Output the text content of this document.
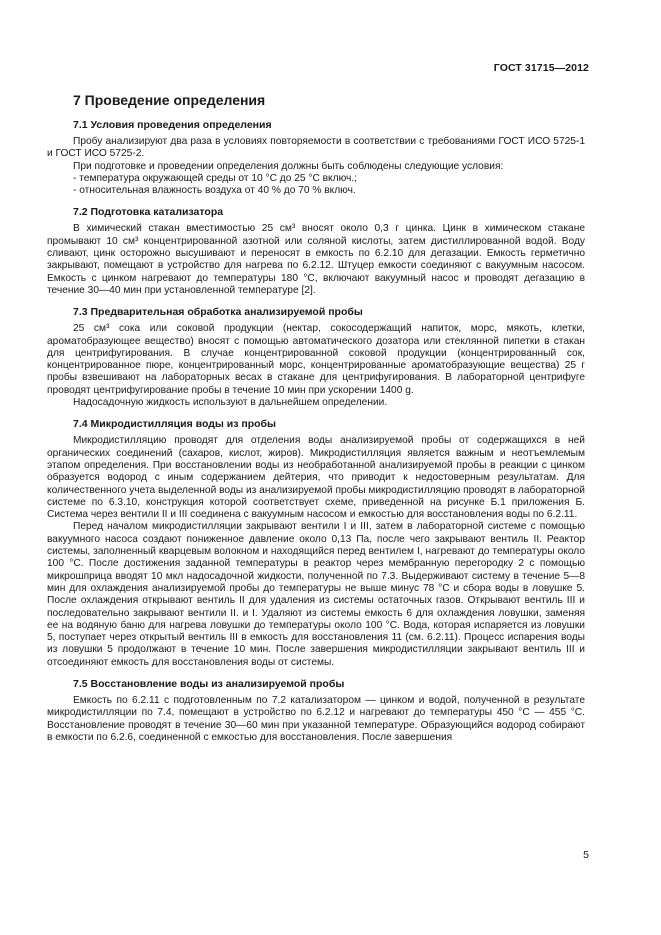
ГОСТ 31715—2012
7 Проведение определения
7.1 Условия проведения определения

Пробу анализируют два раза в условиях повторяемости в соответствии с требованиями ГОСТ ИСО 5725-1 и ГОСТ ИСО 5725-2.

При подготовке и проведении определения должны быть соблюдены следующие условия:

- температура окружающей среды от 10 °С до 25 °С включ.;

- относительная влажность воздуха от 40 % до 70 % включ.

7.2 Подготовка катализатора

В химический стакан вместимостью 25 см³ вносят около 0,3 г цинка. Цинк в химическом стакане промывают 10 см³ концентрированной азотной или соляной кислоты, затем дистиллированной водой. Воду сливают, цинк осторожно высушивают и переносят в емкость по 6.2.10 для дегазации. Емкость герметично закрывают, помещают в устройство для нагрева по 6.2.12. Штуцер емкости соединяют с вакуумным насосом. Емкость с цинком нагревают до температуры 180 °С, включают вакуумный насос и проводят дегазацию в течение 30—40 мин при установленной температуре [2].

7.3 Предварительная обработка анализируемой пробы

25 см³ сока или соковой продукции (нектар, сокосодержащий напиток, морс, мякоть, клетки, ароматобразующее вещество) вносят с помощью автоматического дозатора или стеклянной пипетки в стакан для центрифугирования. В случае концентрированной соковой продукции (концентрированный сок, концентрированное пюре, концентрированный морс, концентрированные ароматобразующие вещества) 25 г пробы взвешивают на лабораторных весах в стакане для центрифугирования. В лабораторной центрифуге проводят центрифугирование пробы в течение 10 мин при ускорении 1400 g.

Надосадочную жидкость используют в дальнейшем определении.

7.4 Микродистилляция воды из пробы

Микродистилляцию проводят для отделения воды анализируемой пробы от содержащихся в ней органических соединений (сахаров, кислот, жиров). Микродистилляция является важным и неотъемлемым этапом определения. При восстановлении воды из необработанной анализируемой пробы в реакции с цинком образуется водород с иным содержанием дейтерия, что приводит к недостоверным результатам. Для количественного учета выделенной воды из анализируемой пробы микродистилляцию проводят в лабораторной системе по 6.3.10, конструкция которой соответствует схеме, приведенной на рисунке Б.1 приложения Б. Система через вентили II и III соединена с вакуумным насосом и емкостью для восстановления воды по 6.2.11.

Перед началом микродистилляции закрывают вентили I и III, затем в лабораторной системе с помощью вакуумного насоса создают пониженное давление около 0,13 Па, после чего закрывают вентиль II. Реактор системы, заполненный кварцевым волокном и находящийся перед вентилем I, нагревают до температуры около 100 °С. После достижения заданной температуры в реактор через мембранную перегородку 2 с помощью микрошприца вводят 10 мкл надосадочной жидкости, полученной по 7.3. Выдерживают систему в течение 5—8 мин для охлаждения анализируемой пробы до температуры не выше минус 78 °С и сбора воды в ловушке 5. После охлаждения открывают вентиль II для удаления из системы остаточных газов. Открывают вентиль III и последовательно закрывают вентили II. и I. Удаляют из системы емкость 6 для охлаждения ловушки, заменяя ее на водяную баню для нагрева ловушки до температуры около 100 °С. Вода, которая испаряется из ловушки 5, поступает через открытый вентиль III в емкость для восстановления 11 (см. 6.2.11). Процесс испарения воды из ловушки 5 продолжают в течение 10 мин. После завершения микродистилляции закрывают вентиль III и отсоединяют емкость для восстановления воды от системы.

7.5 Восстановление воды из анализируемой пробы

Емкость по 6.2.11 с подготовленным по 7.2 катализатором — цинком и водой, полученной в результате микродистилляции по 7.4, помещают в устройство по 6.2.12 и нагревают до температуры 450 °С — 455 °С. Восстановление проводят в течение 30—60 мин при указанной температуре. Образующийся водород собирают в емкости по 6.2.6, соединенной с емкостью для восстановления. После завершения

5
